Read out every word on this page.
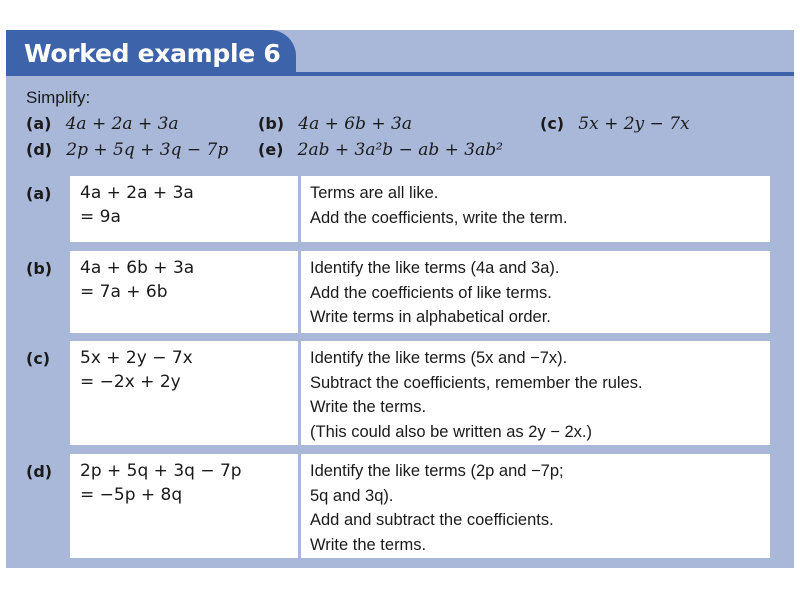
Worked example 6
Simplify:
(a) 4a + 2a + 3a	(b) 4a + 6b + 3a	(c) 5x + 2y − 7x
(d) 2p + 5q + 3q − 7p (e) 2ab + 3a²b − ab + 3ab²
(a) 4a + 2a + 3a
= 9a
Terms are all like.
Add the coefficients, write the term.
(b) 4a + 6b + 3a
= 7a + 6b
Identify the like terms (4a and 3a).
Add the coefficients of like terms.
Write terms in alphabetical order.
(c) 5x + 2y − 7x
= −2x + 2y
Identify the like terms (5x and −7x).
Subtract the coefficients, remember the rules.
Write the terms.
(This could also be written as 2y − 2x.)
(d) 2p + 5q + 3q − 7p
= −5p + 8q
Identify the like terms (2p and −7p;
5q and 3q).
Add and subtract the coefficients.
Write the terms.
